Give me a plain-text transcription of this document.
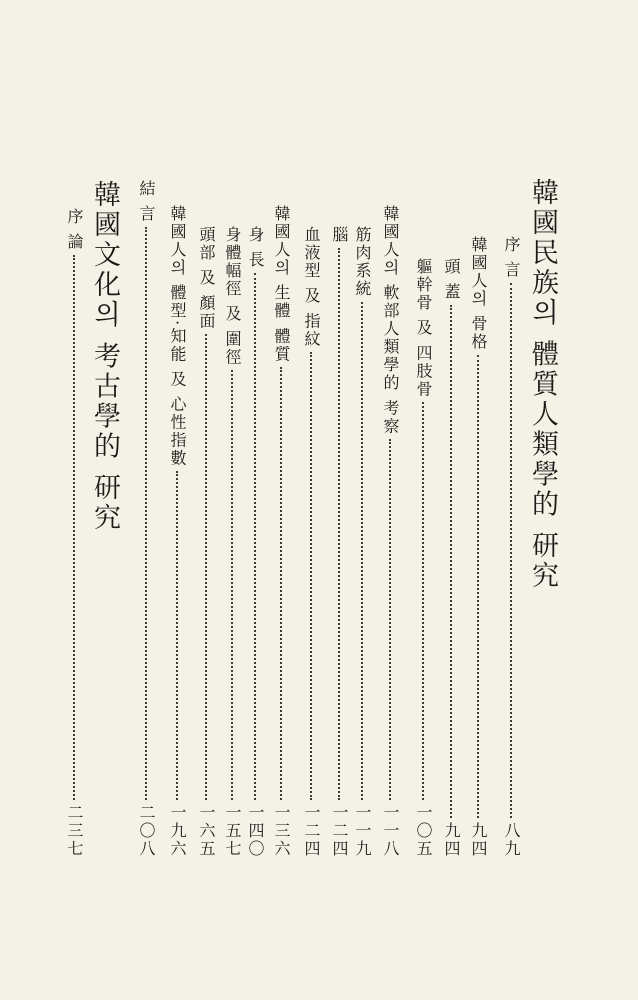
韓國民族의 體質人類學的 研究
序 言
八九
韓國人의 骨格
九四
頭 蓋
九四
軀幹骨 及 四肢骨
一〇五
韓國人의 軟部人類學的 考察
一一八
筋肉系統
一一九
腦
一二四
血液型 及 指紋
一二四
韓國人의 生體 體質
一三六
身 長
一四〇
身體幅徑 及 圍徑
一五七
頭部 及 顏面
一六五
韓國人의 體型·知能 及 心性指數
一九六
結 言
二〇八
韓國文化의 考古學的 研究
序 論
二三七
